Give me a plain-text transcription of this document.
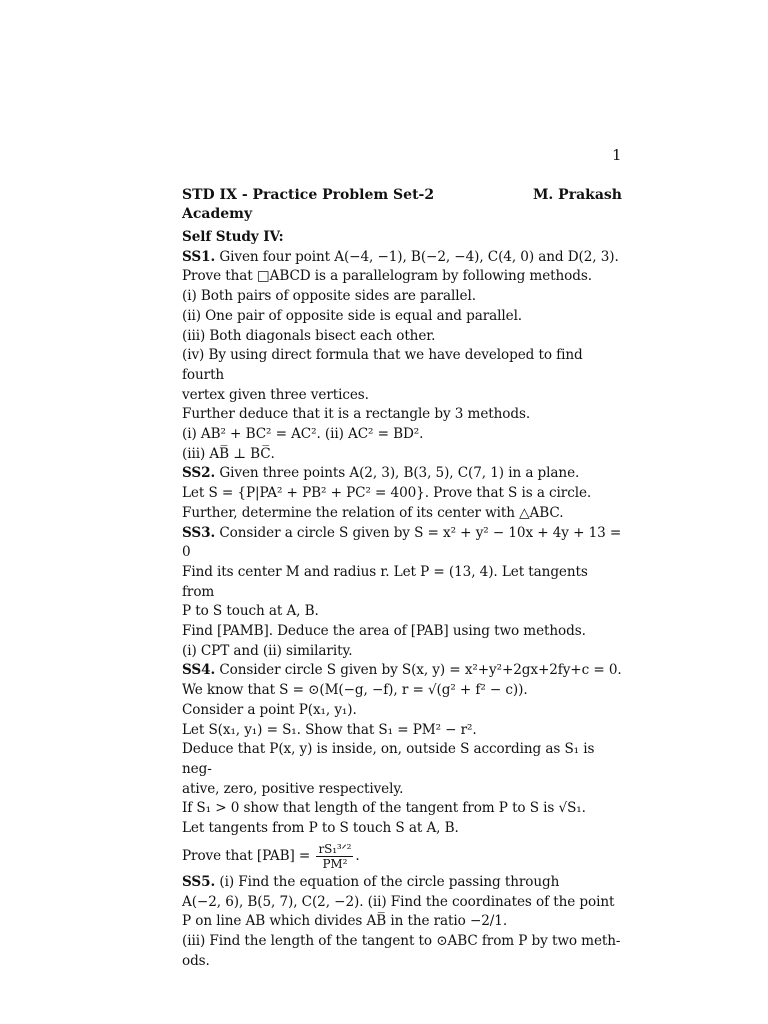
1
STD IX - Practice Problem Set-2	M. Prakash
Academy

Self Study IV:

SS1. Given four point A(−4, −1), B(−2, −4), C(4, 0) and D(2, 3).

Prove that □ABCD is a parallelogram by following methods.

(i) Both pairs of opposite sides are parallel.

(ii) One pair of opposite side is equal and parallel.

(iii) Both diagonals bisect each other.

(iv) By using direct formula that we have developed to find fourth

vertex given three vertices.

Further deduce that it is a rectangle by 3 methods.

(i) AB² + BC² = AC². (ii) AC² = BD².

(iii) AB̅ ⊥ BC̅.

SS2. Given three points A(2, 3), B(3, 5), C(7, 1) in a plane.

Let S = {P|PA² + PB² + PC² = 400}. Prove that S is a circle.

Further, determine the relation of its center with △ABC.

SS3. Consider a circle S given by S = x² + y² − 10x + 4y + 13 = 0

Find its center M and radius r. Let P = (13, 4). Let tangents from

P to S touch at A, B.

Find [PAMB]. Deduce the area of [PAB] using two methods.

(i) CPT and (ii) similarity.

SS4. Consider circle S given by S(x, y) = x²+y²+2gx+2fy+c = 0.

We know that S = ⊙(M(−g, −f), r = √(g² + f² − c)).

Consider a point P(x₁, y₁).

Let S(x₁, y₁) = S₁. Show that S₁ = PM² − r².

Deduce that P(x, y) is inside, on, outside S according as S₁ is neg-

ative, zero, positive respectively.

If S₁ > 0 show that length of the tangent from P to S is √S₁.

Let tangents from P to S touch S at A, B.

Prove that $[PAB] = \frac{\text{rS₁³ᐟ²}}{\text{PM²}}$ .

SS5. (i) Find the equation of the circle passing through

A(−2, 6), B(5, 7), C(2, −2). (ii) Find the coordinates of the point

P on line AB which divides AB̅ in the ratio −2/1.

(iii) Find the length of the tangent to ⊙ABC from P by two meth-

ods.
